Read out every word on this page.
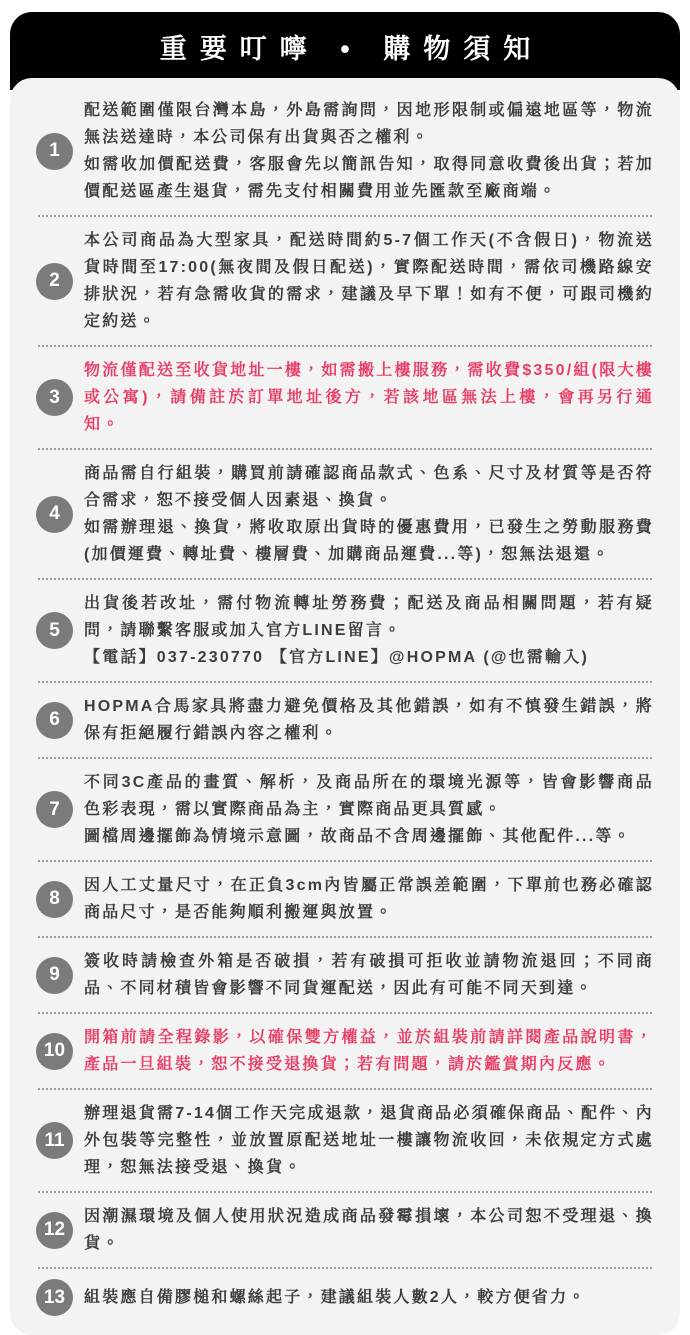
重要叮嚀 • 購物須知
1
配送範圍僅限台灣本島，外島需詢問，因地形限制或偏遠地區等，物流無法送達時，本公司保有出貨與否之權利。
如需收加價配送費，客服會先以簡訊告知，取得同意收費後出貨；若加價配送區產生退貨，需先支付相關費用並先匯款至廠商端。
2
本公司商品為大型家具，配送時間約5-7個工作天(不含假日)，物流送貨時間至17:00(無夜間及假日配送)，實際配送時間，需依司機路線安排狀況，若有急需收貨的需求，建議及早下單！如有不便，可跟司機約定約送。
3
物流僅配送至收貨地址一樓，如需搬上樓服務，需收費$350/組(限大樓或公寓)，請備註於訂單地址後方，若該地區無法上樓，會再另行通知。
4
商品需自行組裝，購買前請確認商品款式、色系、尺寸及材質等是否符合需求，恕不接受個人因素退、換貨。
如需辦理退、換貨，將收取原出貨時的優惠費用，已發生之勞動服務費(加價運費、轉址費、樓層費、加購商品運費...等)，恕無法退還。
5
出貨後若改址，需付物流轉址勞務費；配送及商品相關問題，若有疑問，請聯繫客服或加入官方LINE留言。
【電話】037-230770 【官方LINE】@HOPMA (@也需輸入)
6
HOPMA合馬家具將盡力避免價格及其他錯誤，如有不慎發生錯誤，將保有拒絕履行錯誤內容之權利。
7
不同3C產品的畫質、解析，及商品所在的環境光源等，皆會影響商品色彩表現，需以實際商品為主，實際商品更具質感。
圖檔周邊擺飾為情境示意圖，故商品不含周邊擺飾、其他配件...等。
8
因人工丈量尺寸，在正負3cm內皆屬正常誤差範圍，下單前也務必確認商品尺寸，是否能夠順利搬運與放置。
9
簽收時請檢查外箱是否破損，若有破損可拒收並請物流退回；不同商品、不同材積皆會影響不同貨運配送，因此有可能不同天到達。
10
開箱前請全程錄影，以確保雙方權益，並於組裝前請詳閱產品說明書，產品一旦組裝，恕不接受退換貨；若有問題，請於鑑賞期內反應。
11
辦理退貨需7-14個工作天完成退款，退貨商品必須確保商品、配件、內外包裝等完整性，並放置原配送地址一樓讓物流收回，未依規定方式處理，恕無法接受退、換貨。
12
因潮濕環境及個人使用狀況造成商品發霉損壞，本公司恕不受理退、換貨。
13	組裝應自備膠槌和螺絲起子，建議組裝人數2人，較方便省力。
